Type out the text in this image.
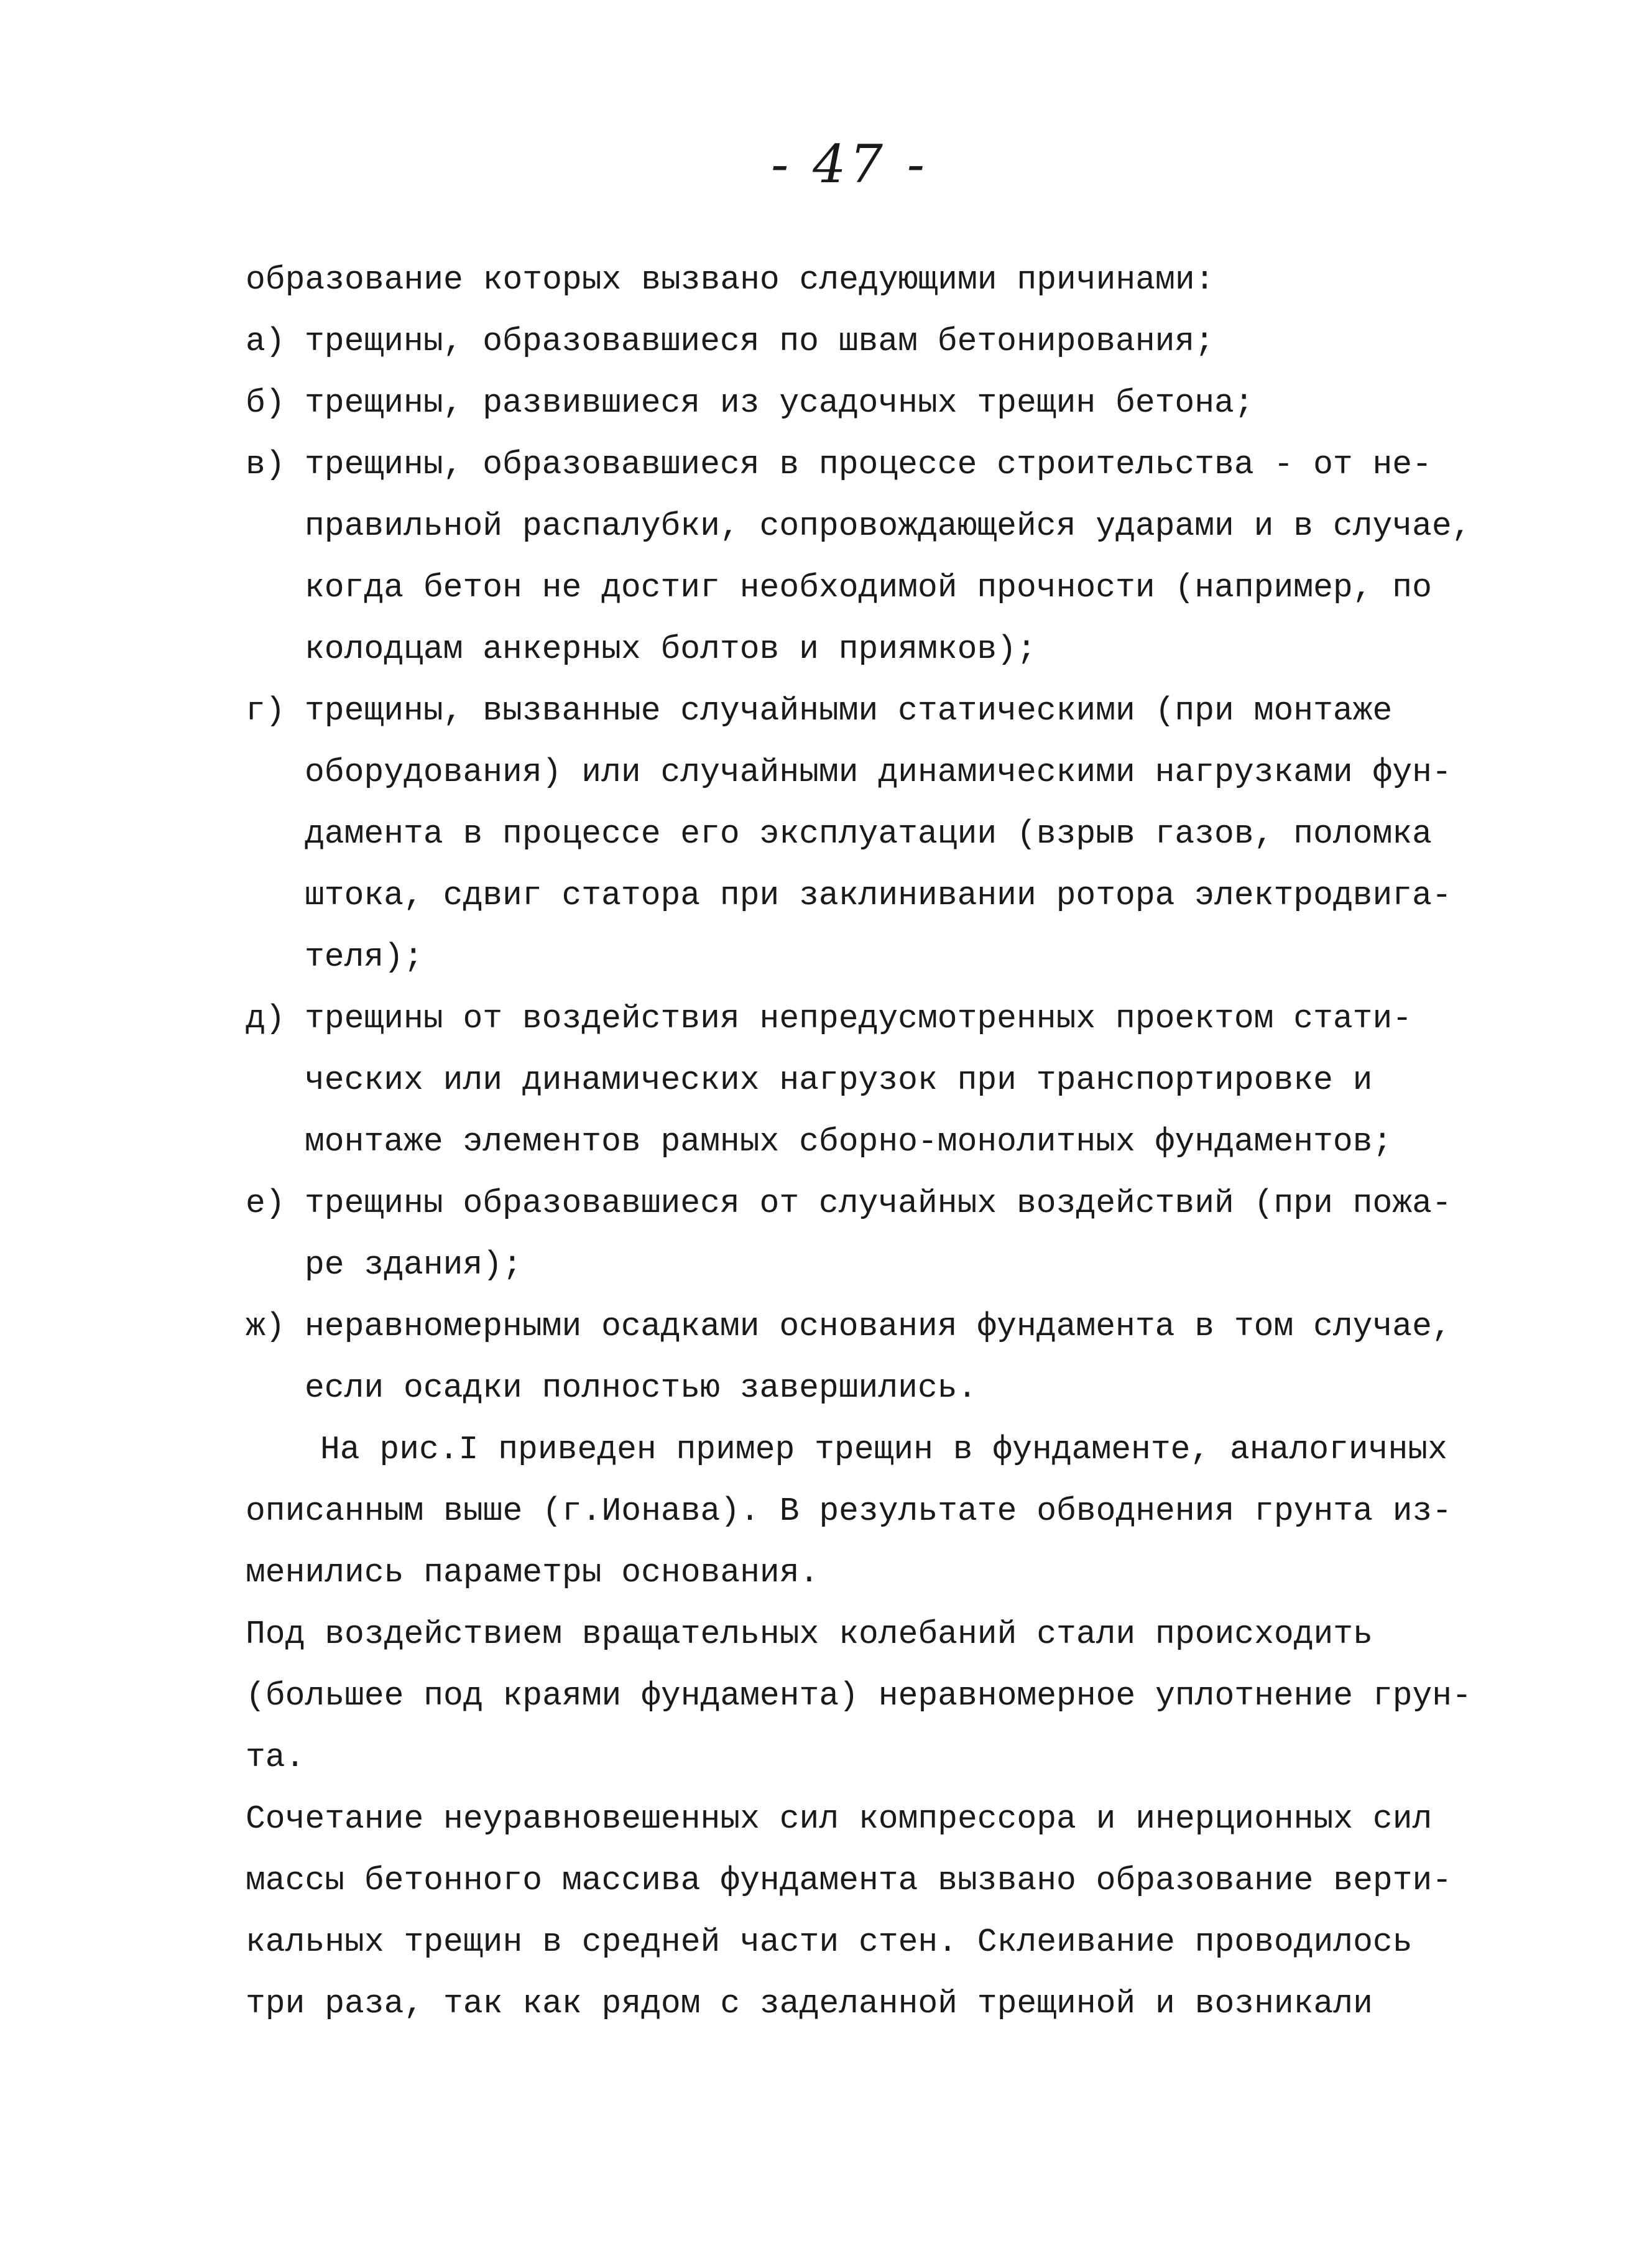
- 47 -
образование которых вызвано следующими причинами:
а) трещины, образовавшиеся по швам бетонирования;
б) трещины, развившиеся из усадочных трещин бетона;
в) трещины, образовавшиеся в процессе строительства - от не-
правильной распалубки, сопровождающейся ударами и в случае,
когда бетон не достиг необходимой прочности (например, по
колодцам анкерных болтов и приямков);
г) трещины, вызванные случайными статическими (при монтаже
оборудования) или случайными динамическими нагрузками фун-
дамента в процессе его эксплуатации (взрыв газов, поломка
штока, сдвиг статора при заклинивании ротора электродвига-
теля);
д) трещины от воздействия непредусмотренных проектом стати-
ческих или динамических нагрузок при транспортировке и
монтаже элементов рамных сборно-монолитных фундаментов;
е) трещины образовавшиеся от случайных воздействий (при пожа-
ре здания);
ж) неравномерными осадками основания фундамента в том случае,
если осадки полностью завершились.
На рис.I приведен пример трещин в фундаменте, аналогичных
описанным выше (г.Ионава). В результате обводнения грунта из-
менились параметры основания.
Под воздействием вращательных колебаний стали происходить
(большее под краями фундамента) неравномерное уплотнение грун-
та.
Сочетание неуравновешенных сил компрессора и инерционных сил
массы бетонного массива фундамента вызвано образование верти-
кальных трещин в средней части стен. Склеивание проводилось
три раза, так как рядом с заделанной трещиной и возникали
